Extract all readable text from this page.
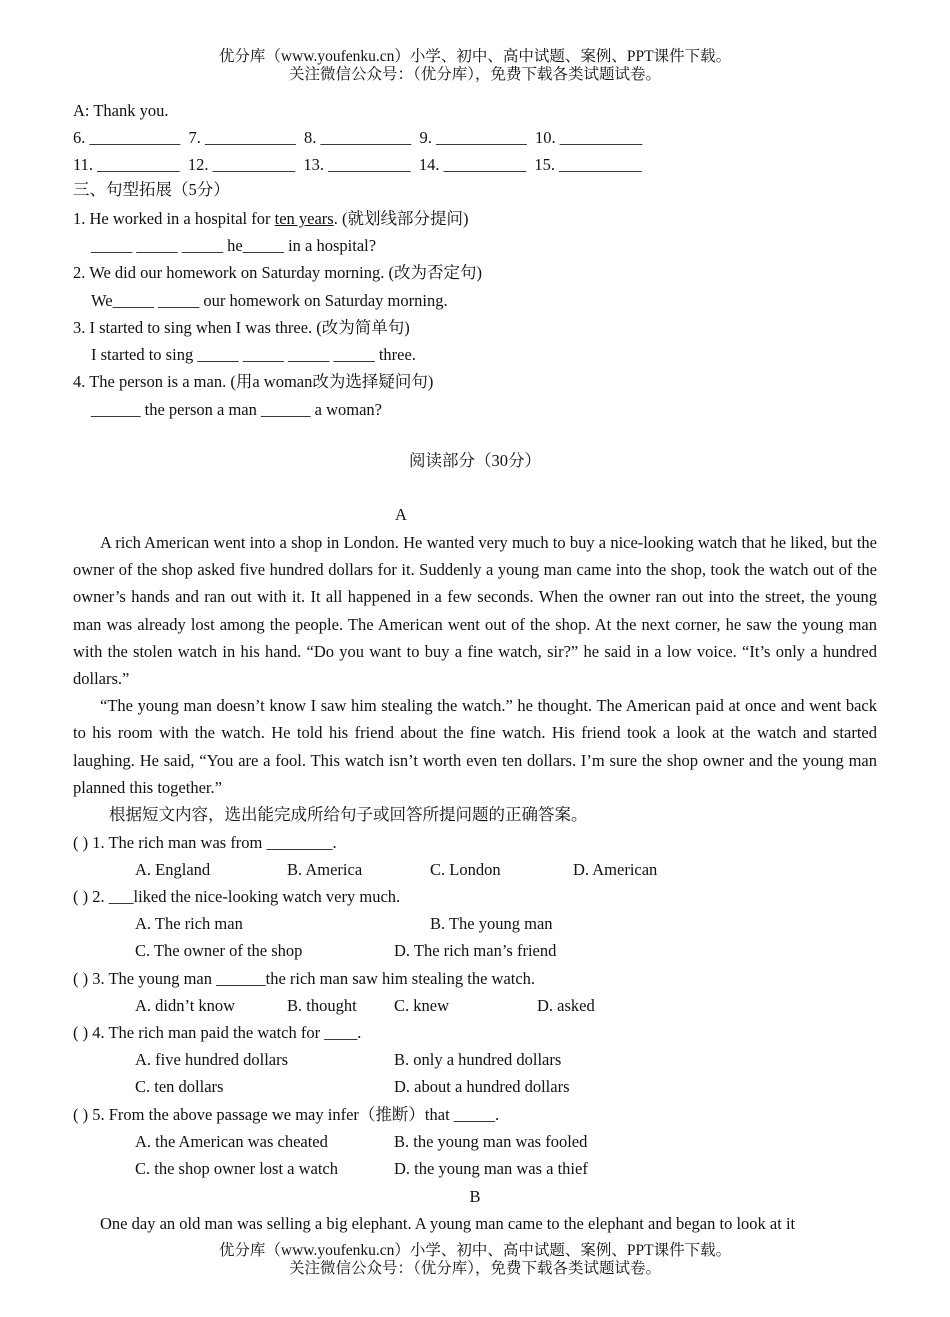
优分库（www.youfenku.cn）小学、初中、高中试题、案例、PPT课件下载。
关注微信公众号：（优分库），免费下载各类试题试卷。
A: Thank you.
6. ___________  7. ___________  8. ___________  9. ___________  10. __________
11. __________  12. __________  13. __________  14. __________  15. __________
三、句型拓展（5分）
1. He worked in a hospital for ten years. (就划线部分提问)
_____ _____ _____ he_____ in a hospital?
2. We did our homework on Saturday morning. (改为否定句)
We_____ _____ our homework on Saturday morning.
3. I started to sing when I was three. (改为简单句)
I started to sing _____ _____ _____ _____ three.
4. The person is a man. (用a woman改为选择疑问句)
______ the person a man ______ a woman?
阅读部分（30分）
A
A rich American went into a shop in London. He wanted very much to buy a nice-looking watch that he liked, but the owner of the shop asked five hundred dollars for it. Suddenly a young man came into the shop, took the watch out of the owner’s hands and ran out with it. It all happened in a few seconds. When the owner ran out into the street, the young man was already lost among the people. The American went out of the shop. At the next corner, he saw the young man with the stolen watch in his hand. “Do you want to buy a fine watch, sir?” he said in a low voice. “It’s only a hundred dollars.”
“The young man doesn’t know I saw him stealing the watch.” he thought. The American paid at once and went back to his room with the watch. He told his friend about the fine watch. His friend took a look at the watch and started laughing. He said, “You are a fool. This watch isn’t worth even ten dollars. I’m sure the shop owner and the young man planned this together.”
根据短文内容，选出能完成所给句子或回答所提问题的正确答案。
( ) 1. The rich man was from ________.
A. England	B. America	C. London	D. American
( ) 2. ___liked the nice-looking watch very much.
A. The rich man	B. The young man
C. The owner of the shop	D. The rich man’s friend
( ) 3. The young man ______the rich man saw him stealing the watch.
A. didn’t know	B. thought C. knew	D. asked
( ) 4. The rich man paid the watch for ____.
A. five hundred dollars	B. only a hundred dollars
C. ten dollars	D. about a hundred dollars
( ) 5. From the above passage we may infer（推断）that _____.
A. the American was cheated	B. the young man was fooled
C. the shop owner lost a watch	D. the young man was a thief
B
One day an old man was selling a big elephant. A young man came to the elephant and began to look at it
优分库（www.youfenku.cn）小学、初中、高中试题、案例、PPT课件下载。
关注微信公众号：（优分库），免费下载各类试题试卷。
